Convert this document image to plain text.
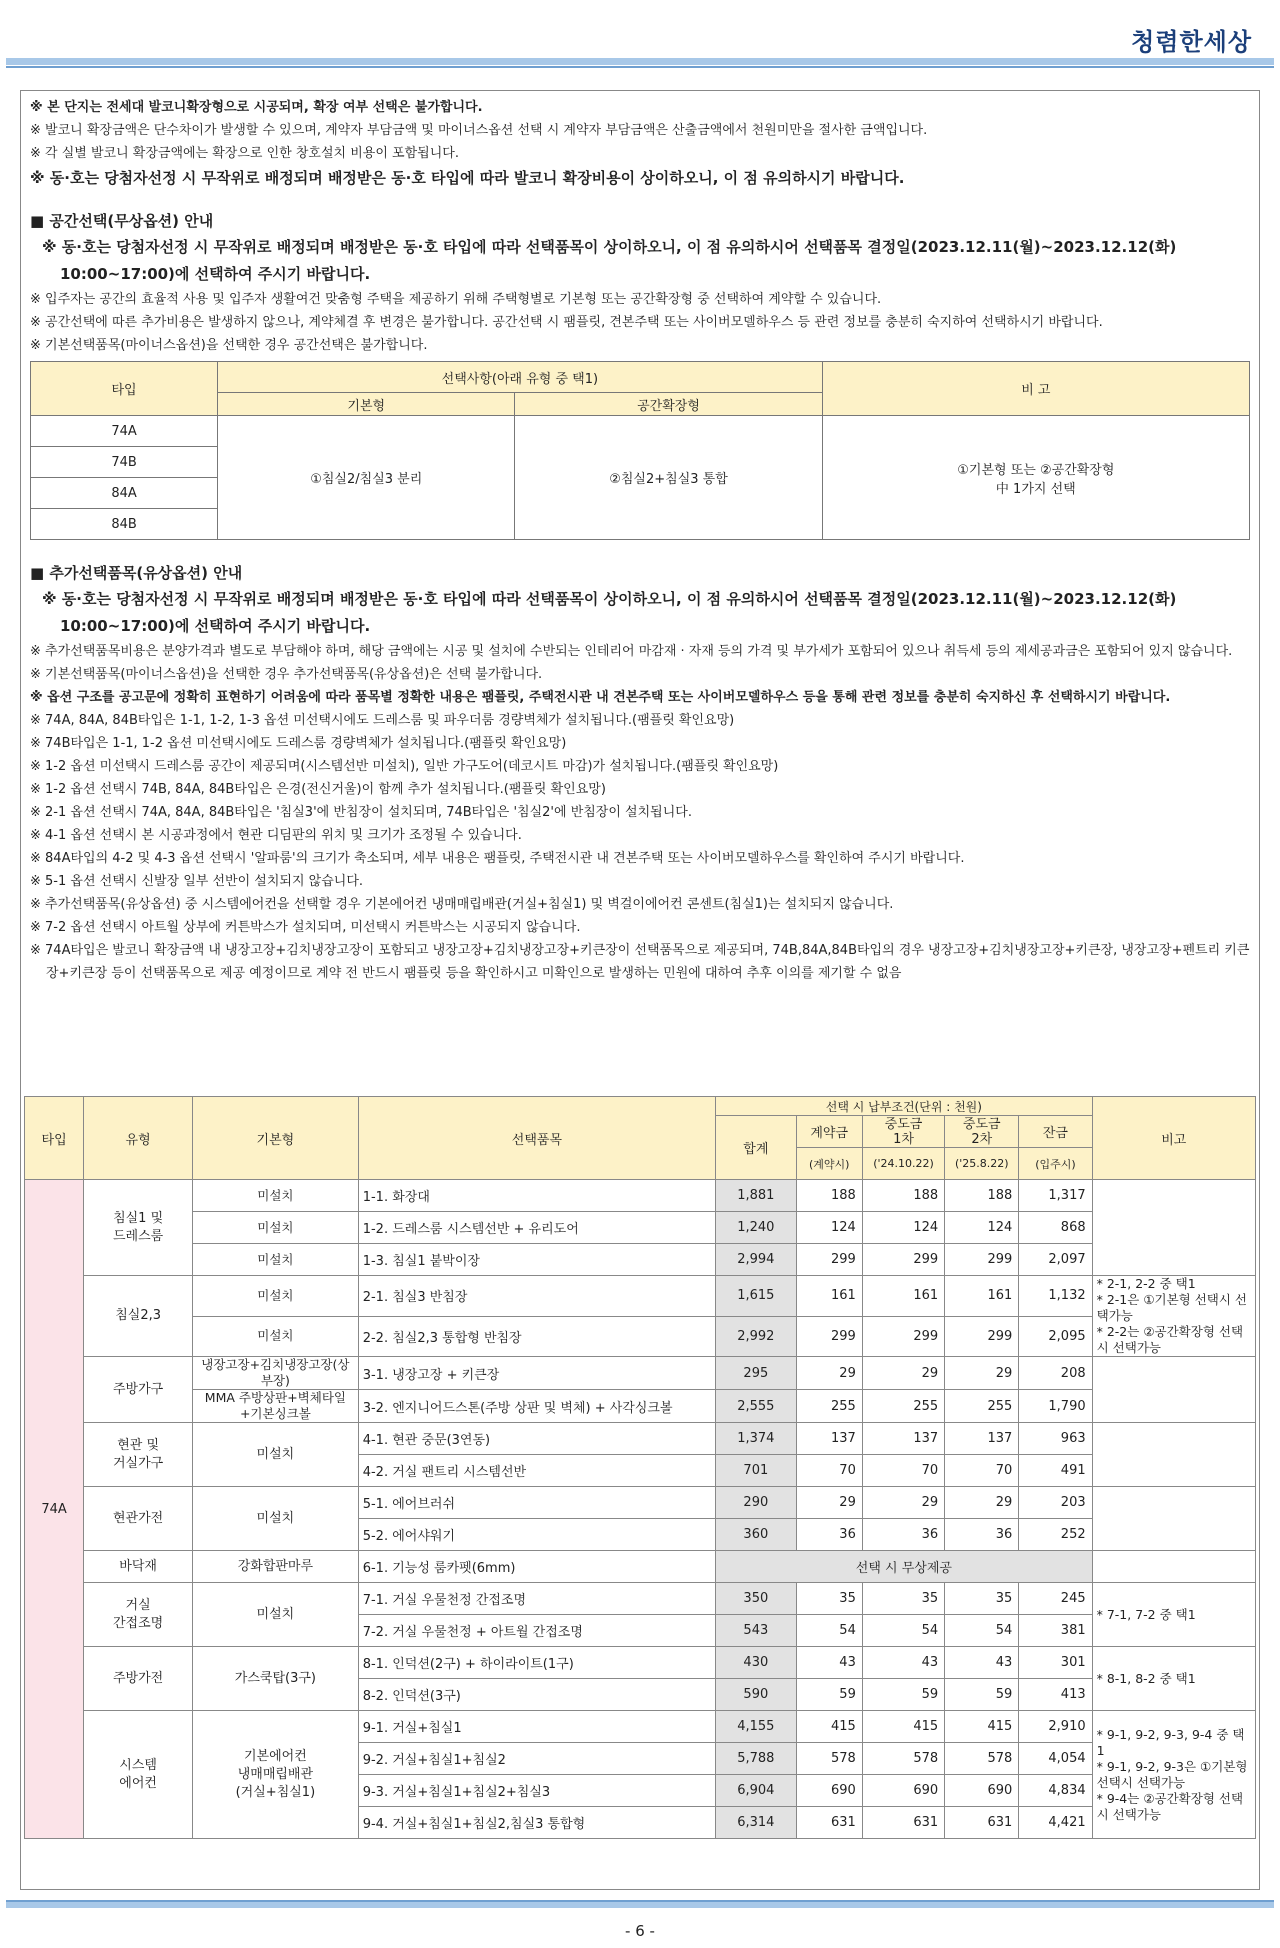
청렴한세상
※ 본 단지는 전세대 발코니확장형으로 시공되며, 확장 여부 선택은 불가합니다.
※ 발코니 확장금액은 단수차이가 발생할 수 있으며, 계약자 부담금액 및 마이너스옵션 선택 시 계약자 부담금액은 산출금액에서 천원미만을 절사한 금액입니다.
※ 각 실별 발코니 확장금액에는 확장으로 인한 창호설치 비용이 포함됩니다.
※ 동·호는 당첨자선정 시 무작위로 배정되며 배정받은 동·호 타입에 따라 발코니 확장비용이 상이하오니, 이 점 유의하시기 바랍니다.
■ 공간선택(무상옵션) 안내
※ 동·호는 당첨자선정 시 무작위로 배정되며 배정받은 동·호 타입에 따라 선택품목이 상이하오니, 이 점 유의하시어 선택품목 결정일(2023.12.11(월)~2023.12.12(화) 10:00~17:00)에 선택하여 주시기 바랍니다.
※ 입주자는 공간의 효율적 사용 및 입주자 생활여건 맞춤형 주택을 제공하기 위해 주택형별로 기본형 또는 공간확장형 중 선택하여 계약할 수 있습니다.
※ 공간선택에 따른 추가비용은 발생하지 않으나, 계약체결 후 변경은 불가합니다. 공간선택 시 팸플릿, 견본주택 또는 사이버모델하우스 등 관련 정보를 충분히 숙지하여 선택하시기 바랍니다.
※ 기본선택품목(마이너스옵션)을 선택한 경우 공간선택은 불가합니다.
타입	선택사항(아래 유형 중 택1)		비 고
	기본형	공간확장형	
74A	①침실2/침실3 분리	②침실2+침실3 통합	①기본형 또는 ②공간확장형 中 1가지 선택
74B			
84A			
84B			
■ 추가선택품목(유상옵션) 안내
※ 동·호는 당첨자선정 시 무작위로 배정되며 배정받은 동·호 타입에 따라 선택품목이 상이하오니, 이 점 유의하시어 선택품목 결정일(2023.12.11(월)~2023.12.12(화) 10:00~17:00)에 선택하여 주시기 바랍니다.
※ 추가선택품목비용은 분양가격과 별도로 부담해야 하며, 해당 금액에는 시공 및 설치에 수반되는 인테리어 마감재 · 자재 등의 가격 및 부가세가 포함되어 있으나 취득세 등의 제세공과금은 포함되어 있지 않습니다.
※ 기본선택품목(마이너스옵션)을 선택한 경우 추가선택품목(유상옵션)은 선택 불가합니다.
※ 옵션 구조를 공고문에 정확히 표현하기 어려움에 따라 품목별 정확한 내용은 팸플릿, 주택전시관 내 견본주택 또는 사이버모델하우스 등을 통해 관련 정보를 충분히 숙지하신 후 선택하시기 바랍니다.
※ 74A, 84A, 84B타입은 1-1, 1-2, 1-3 옵션 미선택시에도 드레스룸 및 파우더룸 경량벽체가 설치됩니다.(팸플릿 확인요망)
※ 74B타입은 1-1, 1-2 옵션 미선택시에도 드레스룸 경량벽체가 설치됩니다.(팸플릿 확인요망)
※ 1-2 옵션 미선택시 드레스룸 공간이 제공되며(시스템선반 미설치), 일반 가구도어(데코시트 마감)가 설치됩니다.(팸플릿 확인요망)
※ 1-2 옵션 선택시 74B, 84A, 84B타입은 은경(전신거울)이 함께 추가 설치됩니다.(팸플릿 확인요망)
※ 2-1 옵션 선택시 74A, 84A, 84B타입은 '침실3'에 반침장이 설치되며, 74B타입은 '침실2'에 반침장이 설치됩니다.
※ 4-1 옵션 선택시 본 시공과정에서 현관 디딤판의 위치 및 크기가 조정될 수 있습니다.
※ 84A타입의 4-2 및 4-3 옵션 선택시 '알파룸'의 크기가 축소되며, 세부 내용은 팸플릿, 주택전시관 내 견본주택 또는 사이버모델하우스를 확인하여 주시기 바랍니다.
※ 5-1 옵션 선택시 신발장 일부 선반이 설치되지 않습니다.
※ 추가선택품목(유상옵션) 중 시스템에어컨을 선택할 경우 기본에어컨 냉매매립배관(거실+침실1) 및 벽걸이에어컨 콘센트(침실1)는 설치되지 않습니다.
※ 7-2 옵션 선택시 아트월 상부에 커튼박스가 설치되며, 미선택시 커튼박스는 시공되지 않습니다.
※ 74A타입은 발코니 확장금액 내 냉장고장+김치냉장고장이 포함되고 냉장고장+김치냉장고장+키큰장이 선택품목으로 제공되며, 74B,84A,84B타입의 경우 냉장고장+김치냉장고장+키큰장, 냉장고장+펜트리 키큰장+키큰장 등이 선택품목으로 제공 예정이므로 계약 전 반드시 팸플릿 등을 확인하시고 미확인으로 발생하는 민원에 대하여 추후 이의를 제기할 수 없음
타입	유형	기본형	선택품목	선택 시 납부조건(단위 : 천원)					비고
				합계	계약금	중도금
1차	중도금
2차	잔금	
					(계약시)	('24.10.22)	('25.8.22)	(입주시)	
74A	침실1 및
드레스룸	미설치	1-1. 화장대	1,881	188	188	188	1,317	
		미설치	1-2. 드레스룸 시스템선반 + 유리도어	1,240	124	124	124	868	
		미설치	1-3. 침실1 붙박이장	2,994	299	299	299	2,097	
	침실2,3	미설치	2-1. 침실3 반침장	1,615	161	161	161	1,132	* 2-1, 2-2 중 택1
* 2-1은 ①기본형 선택시 선택가능
* 2-2는 ②공간확장형 선택시 선택가능
		미설치	2-2. 침실2,3 통합형 반침장	2,992	299	299	299	2,095	
	주방가구	냉장고장+김치냉장고장(상부장)	3-1. 냉장고장 + 키큰장	295	29	29	29	208	
		MMA 주방상판+벽체타일+기본싱크볼	3-2. 엔지니어드스톤(주방 상판 및 벽체) + 사각싱크볼	2,555	255	255	255	1,790	
	현관 및
거실가구	미설치	4-1. 현관 중문(3연동)	1,374	137	137	137	963	
			4-2. 거실 팬트리 시스템선반	701	70	70	70	491	
	현관가전	미설치	5-1. 에어브러쉬	290	29	29	29	203	
			5-2. 에어샤워기	360	36	36	36	252	
	바닥재	강화합판마루	6-1. 기능성 룸카펫(6mm)	선택 시 무상제공					
	거실
간접조명	미설치	7-1. 거실 우물천정 간접조명	350	35	35	35	245	* 7-1, 7-2 중 택1
			7-2. 거실 우물천정 + 아트월 간접조명	543	54	54	54	381	
	주방가전	가스쿡탑(3구)	8-1. 인덕션(2구) + 하이라이트(1구)	430	43	43	43	301	* 8-1, 8-2 중 택1
			8-2. 인덕션(3구)	590	59	59	59	413	
	시스템
에어컨	기본에어컨
냉매매립배관
(거실+침실1)	9-1. 거실+침실1	4,155	415	415	415	2,910	* 9-1, 9-2, 9-3, 9-4 중 택1
* 9-1, 9-2, 9-3은 ①기본형 선택시 선택가능
* 9-4는 ②공간확장형 선택시 선택가능
			9-2. 거실+침실1+침실2	5,788	578	578	578	4,054	
			9-3. 거실+침실1+침실2+침실3	6,904	690	690	690	4,834	
			9-4. 거실+침실1+침실2,침실3 통합형	6,314	631	631	631	4,421	
- 6 -
